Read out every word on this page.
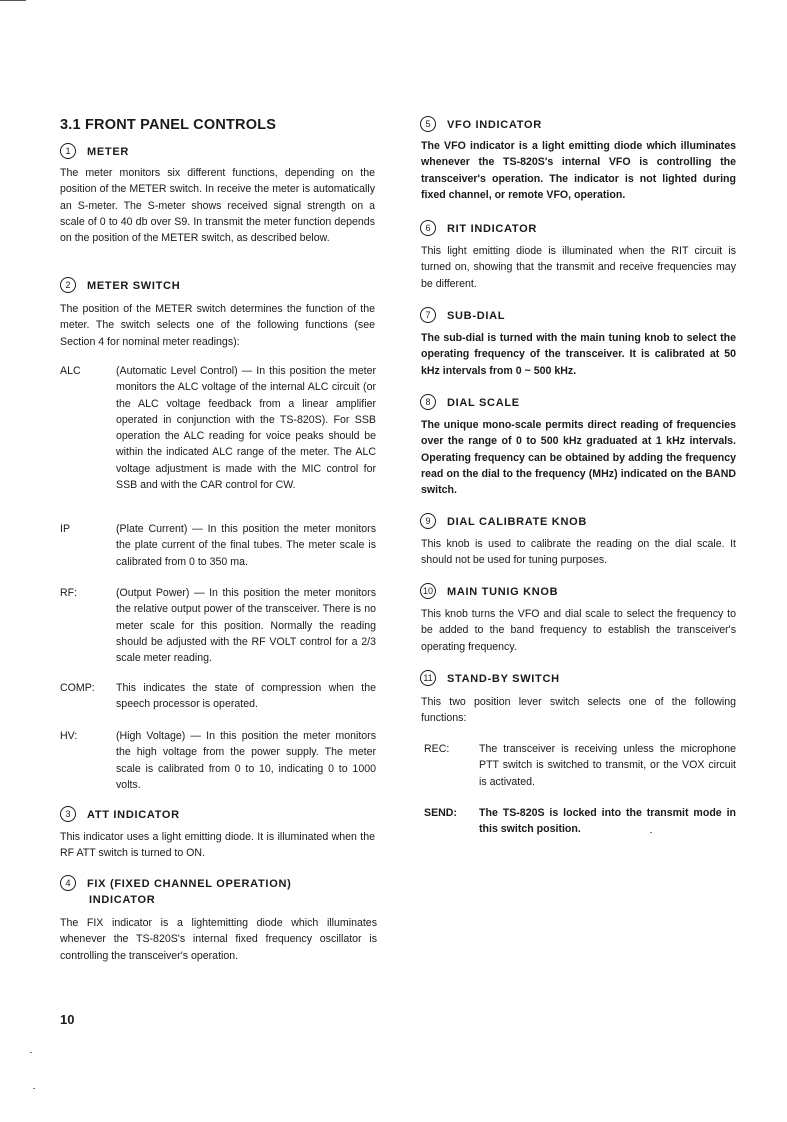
3.1 FRONT PANEL CONTROLS
1 METER

The meter monitors six different functions, depending on the position of the METER switch. In receive the meter is automatically an S-meter. The S-meter shows received signal strength on a scale of 0 to 40 db over S9. In transmit the meter function depends on the position of the METER switch, as described below.

2 METER SWITCH

The position of the METER switch determines the function of the meter. The switch selects one of the following functions (see Section 4 for nominal meter readings):

ALC	(Automatic Level Control) — In this position the meter monitors the ALC voltage of the internal ALC circuit (or the ALC voltage feedback from a linear amplifier operated in conjunction with the TS-820S). For SSB operation the ALC reading for voice peaks should be within the indicated ALC range of the meter. The ALC voltage adjustment is made with the MIC control for SSB and with the CAR control for CW.
IP	(Plate Current) — In this position the meter monitors the plate current of the final tubes. The meter scale is calibrated from 0 to 350 ma.
RF:	(Output Power) — In this position the meter monitors the relative output power of the transceiver. There is no meter scale for this position. Normally the reading should be adjusted with the RF VOLT control for a 2/3 scale meter reading.
COMP: This indicates the state of compression when the speech processor is operated.
HV:	(High Voltage) — In this position the meter monitors the high voltage from the power supply. The meter scale is calibrated from 0 to 10, indicating 0 to 1000 volts.
3 ATT INDICATOR

This indicator uses a light emitting diode. It is illuminated when the RF ATT switch is turned to ON.

4 FIX (FIXED CHANNEL OPERATION)
INDICATOR

The FIX indicator is a lightemitting diode which illuminates whenever the TS-820S's internal fixed frequency oscillator is controlling the transceiver's operation.

5 VFO INDICATOR

The VFO indicator is a light emitting diode which illuminates whenever the TS-820S's internal VFO is controlling the transceiver's operation. The indicator is not lighted during fixed channel, or remote VFO, operation.

6 RIT INDICATOR

This light emitting diode is illuminated when the RIT circuit is turned on, showing that the transmit and receive frequencies may be different.

7 SUB-DIAL

The sub-dial is turned with the main tuning knob to select the operating frequency of the transceiver. It is calibrated at 50 kHz intervals from 0 ~ 500 kHz.

8 DIAL SCALE

The unique mono-scale permits direct reading of frequencies over the range of 0 to 500 kHz graduated at 1 kHz intervals. Operating frequency can be obtained by adding the frequency read on the dial to the frequency (MHz) indicated on the BAND switch.

9 DIAL CALIBRATE KNOB

This knob is used to calibrate the reading on the dial scale. It should not be used for tuning purposes.

10 MAIN TUNIG KNOB

This knob turns the VFO and dial scale to select the frequency to be added to the band frequency to establish the transceiver's operating frequency.

11 STAND-BY SWITCH

This two position lever switch selects one of the following functions:

REC:	The transceiver is receiving unless the microphone PTT switch is switched to transmit, or the VOX circuit is activated.
SEND: The TS-820S is locked into the transmit mode in this switch position.

10
